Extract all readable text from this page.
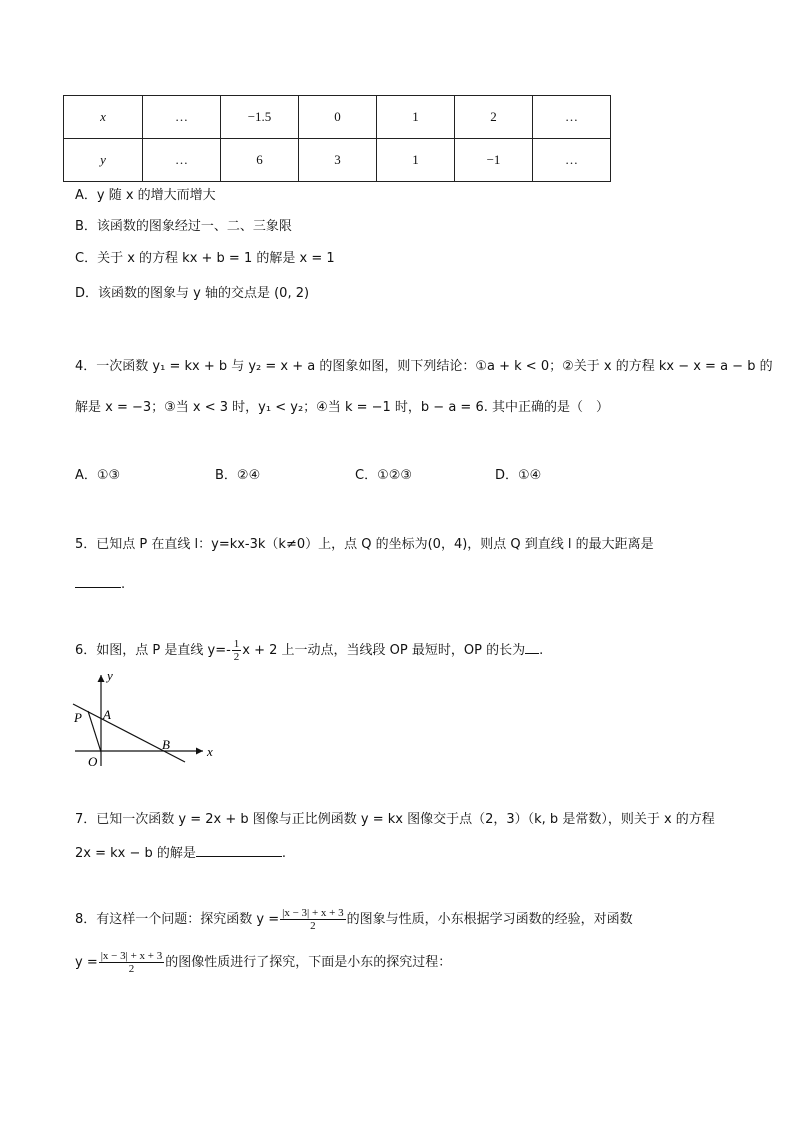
x	…	−1.5	0	1	2	…
y	…	6	3	1	−1	…
A．y 随 x 的增大而增大
B．该函数的图象经过一、二、三象限
C．关于 x 的方程 kx + b = 1 的解是 x = 1
D．该函数的图象与 y 轴的交点是 (0, 2)
4．一次函数 y₁ = kx + b 与 y₂ = x + a 的图象如图，则下列结论：①a + k < 0；②关于 x 的方程 kx − x = a − b 的
解是 x = −3；③当 x < 3 时，y₁ < y₂；④当 k = −1 时，b − a = 6. 其中正确的是（　）
A．①③	B．②④	C．①②③	D．①④
5．已知点 P 在直线 l：y=kx-3k（k≠0）上，点 Q 的坐标为(0，4)，则点 Q 到直线 l 的最大距离是
.
6．如图，点 P 是直线 $y=- \frac{1}{2}$ x + 2 上一动点，当线段 OP 最短时，OP 的长为 .
y
x
P A
B
O
7．已知一次函数 y = 2x + b 图像与正比例函数 y = kx 图像交于点（2，3）（k, b 是常数），则关于 x 的方程
2x = kx − b 的解是	.
8．有这样一个问题：探究函数 $y = \frac{|x - 3| + x + 3}{2}$ 的图象与性质，小东根据学习函数的经验，对函数
$y = \frac{|x - 3| + x + 3}{2}$ 的图像性质进行了探究，下面是小东的探究过程：
